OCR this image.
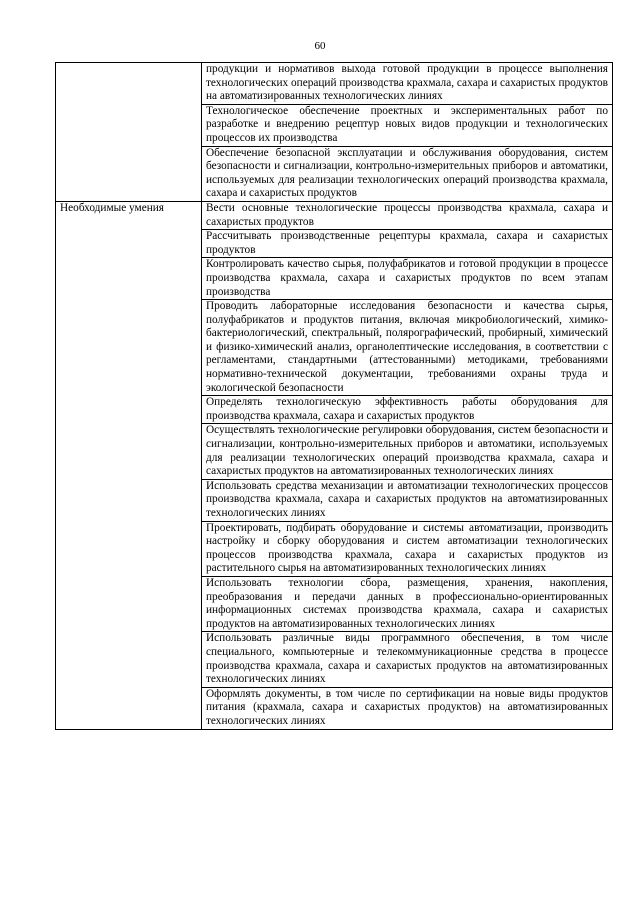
60
	продукции и нормативов выхода готовой продукции в процессе выполнения технологических операций производства крахмала, сахара и сахаристых продуктов на автоматизированных технологических линиях
	Технологическое обеспечение проектных и экспериментальных работ по разработке и внедрению рецептур новых видов продукции и технологических процессов их производства
	Обеспечение безопасной эксплуатации и обслуживания оборудования, систем безопасности и сигнализации, контрольно-измерительных приборов и автоматики, используемых для реализации технологических операций производства крахмала, сахара и сахаристых продуктов
Необходимые умения	Вести основные технологические процессы производства крахмала, сахара и сахаристых продуктов
	Рассчитывать производственные рецептуры крахмала, сахара и сахаристых продуктов
	Контролировать качество сырья, полуфабрикатов и готовой продукции в процессе производства крахмала, сахара и сахаристых продуктов по всем этапам производства
	Проводить лабораторные исследования безопасности и качества сырья, полуфабрикатов и продуктов питания, включая микробиологический, химико-бактериологический, спектральный, полярографический, пробирный, химический и физико-химический анализ, органолептические исследования, в соответствии с регламентами, стандартными (аттестованными) методиками, требованиями нормативно-технической документации, требованиями охраны труда и экологической безопасности
	Определять технологическую эффективность работы оборудования для производства крахмала, сахара и сахаристых продуктов
	Осуществлять технологические регулировки оборудования, систем безопасности и сигнализации, контрольно-измерительных приборов и автоматики, используемых для реализации технологических операций производства крахмала, сахара и сахаристых продуктов на автоматизированных технологических линиях
	Использовать средства механизации и автоматизации технологических процессов производства крахмала, сахара и сахаристых продуктов на автоматизированных технологических линиях
	Проектировать, подбирать оборудование и системы автоматизации, производить настройку и сборку оборудования и систем автоматизации технологических процессов производства крахмала, сахара и сахаристых продуктов из растительного сырья на автоматизированных технологических линиях
	Использовать технологии сбора, размещения, хранения, накопления, преобразования и передачи данных в профессионально-ориентированных информационных системах производства крахмала, сахара и сахаристых продуктов на автоматизированных технологических линиях
	Использовать различные виды программного обеспечения, в том числе специального, компьютерные и телекоммуникационные средства в процессе производства крахмала, сахара и сахаристых продуктов на автоматизированных технологических линиях
	Оформлять документы, в том числе по сертификации на новые виды продуктов питания (крахмала, сахара и сахаристых продуктов) на автоматизированных технологических линиях
